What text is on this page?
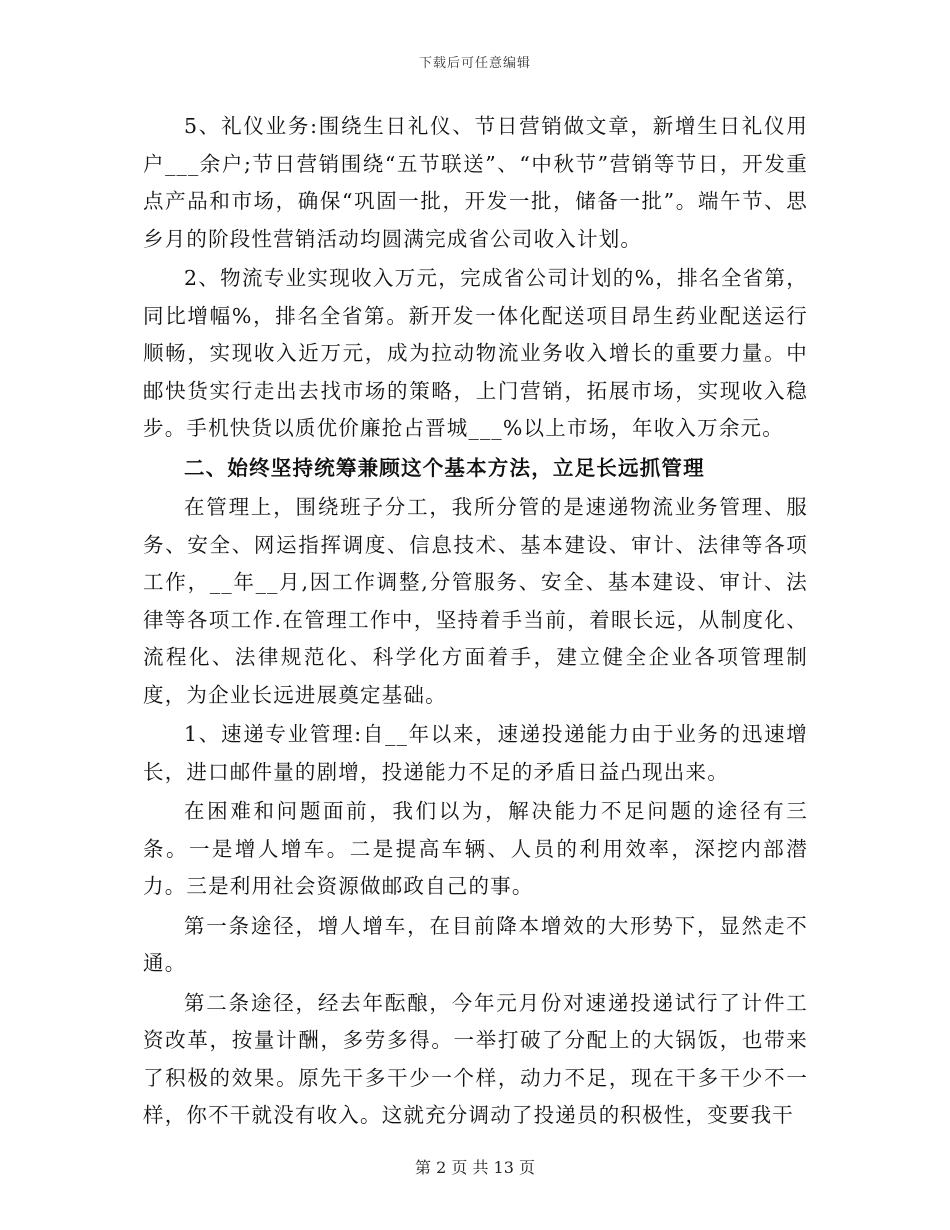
下载后可任意编辑

5、礼仪业务:围绕生日礼仪、节日营销做文章，新增生日礼仪用户___余户;节日营销围绕“五节联送”、“中秋节”营销等节日，开发重点产品和市场，确保“巩固一批，开发一批，储备一批”。端午节、思乡月的阶段性营销活动均圆满完成省公司收入计划。

2、物流专业实现收入万元，完成省公司计划的%，排名全省第，同比增幅%，排名全省第。新开发一体化配送项目昂生药业配送运行顺畅，实现收入近万元，成为拉动物流业务收入增长的重要力量。中邮快货实行走出去找市场的策略，上门营销，拓展市场，实现收入稳步。手机快货以质优价廉抢占晋城___%以上市场，年收入万余元。

二、始终坚持统筹兼顾这个基本方法，立足长远抓管理

在管理上，围绕班子分工，我所分管的是速递物流业务管理、服务、安全、网运指挥调度、信息技术、基本建设、审计、法律等各项工作，__年__月,因工作调整,分管服务、安全、基本建设、审计、法律等各项工作.在管理工作中，坚持着手当前，着眼长远，从制度化、流程化、法律规范化、科学化方面着手，建立健全企业各项管理制度，为企业长远进展奠定基础。

1、速递专业管理:自__年以来，速递投递能力由于业务的迅速增长，进口邮件量的剧增，投递能力不足的矛盾日益凸现出来。

在困难和问题面前，我们以为，解决能力不足问题的途径有三条。一是增人增车。二是提高车辆、人员的利用效率，深挖内部潜力。三是利用社会资源做邮政自己的事。

第一条途径，增人增车，在目前降本增效的大形势下，显然走不通。

第二条途径，经去年酝酿，今年元月份对速递投递试行了计件工资改革，按量计酬，多劳多得。一举打破了分配上的大锅饭，也带来了积极的效果。原先干多干少一个样，动力不足，现在干多干少不一样，你不干就没有收入。这就充分调动了投递员的积极性，变要我干

第 2 页 共 13 页
